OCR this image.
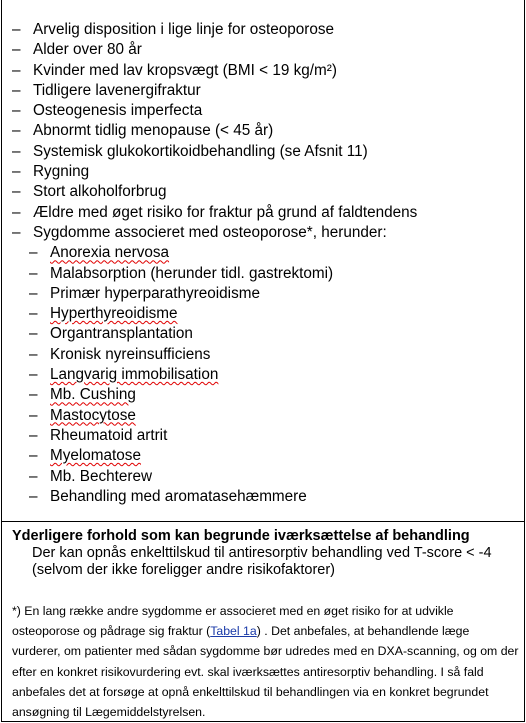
– Arvelig disposition i lige linje for osteoporose
– Alder over 80 år
– Kvinder med lav kropsvægt (BMI < 19 kg/m²)
– Tidligere lavenergifraktur
– Osteogenesis imperfecta
– Abnormt tidlig menopause (< 45 år)
– Systemisk glukokortikoidbehandling (se Afsnit 11)
– Rygning
– Stort alkoholforbrug
– Ældre med øget risiko for fraktur på grund af faldtendens
– Sygdomme associeret med osteoporose*, herunder:
– Anorexia nervosa
– Malabsorption (herunder tidl. gastrektomi)
– Primær hyperparathyreoidisme
– Hyperthyreoidisme
– Organtransplantation
– Kronisk nyreinsufficiens
– Langvarig immobilisation
– Mb. Cushing
– Mastocytose
– Rheumatoid artrit
– Myelomatose
– Mb. Bechterew
– Behandling med aromatasehæmmere
Yderligere forhold som kan begrunde iværksættelse af behandling
Der kan opnås enkelttilskud til antiresorptiv behandling ved T-score < -4 (selvom der ikke foreligger andre risikofaktorer)
*) En lang række andre sygdomme er associeret med en øget risiko for at udvikle osteoporose og pådrage sig fraktur (Tabel 1a) . Det anbefales, at behandlende læge vurderer, om patienter med sådan sygdomme bør udredes med en DXA-scanning, og om der efter en konkret risikovurdering evt. skal iværksættes antiresorptiv behandling. I så fald anbefales det at forsøge at opnå enkelttilskud til behandlingen via en konkret begrundet ansøgning til Lægemiddelstyrelsen.
